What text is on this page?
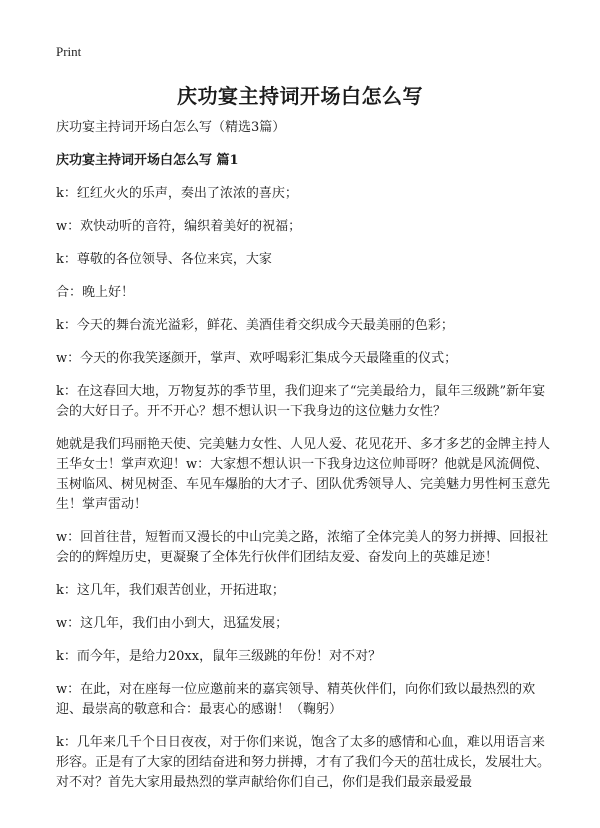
Print
庆功宴主持词开场白怎么写

庆功宴主持词开场白怎么写（精选3篇）

庆功宴主持词开场白怎么写 篇1

k：红红火火的乐声，奏出了浓浓的喜庆；

w：欢快动听的音符，编织着美好的祝福；

k：尊敬的各位领导、各位来宾，大家

合：晚上好！

k：今天的舞台流光溢彩，鲜花、美酒佳肴交织成今天最美丽的色彩；

w：今天的你我笑逐颜开，掌声、欢呼喝彩汇集成今天最隆重的仪式；

k：在这春回大地，万物复苏的季节里，我们迎来了“完美最给力，鼠年三级跳”新年宴会的大好日子。开不开心？想不想认识一下我身边的这位魅力女性？

她就是我们玛丽艳天使、完美魅力女性、人见人爱、花见花开、多才多艺的金牌主持人王华女士！掌声欢迎！w：大家想不想认识一下我身边这位帅哥呀？他就是风流倜傥、玉树临风、树见树歪、车见车爆胎的大才子、团队优秀领导人、完美魅力男性柯玉意先生！掌声雷动！

w：回首往昔，短暂而又漫长的中山完美之路，浓缩了全体完美人的努力拼搏、回报社会的的辉煌历史，更凝聚了全体先行伙伴们团结友爱、奋发向上的英雄足迹！

k：这几年，我们艰苦创业，开拓进取；

w：这几年，我们由小到大，迅猛发展；

k：而今年，是给力20xx，鼠年三级跳的年份！对不对？

w：在此，对在座每一位应邀前来的嘉宾领导、精英伙伴们，向你们致以最热烈的欢迎、最崇高的敬意和合：最衷心的感谢！（鞠躬）

k：几年来几千个日日夜夜，对于你们来说，饱含了太多的感情和心血，难以用语言来形容。正是有了大家的团结奋进和努力拼搏，才有了我们今天的茁壮成长，发展壮大。对不对？首先大家用最热烈的掌声献给你们自己，你们是我们最亲最爱最
